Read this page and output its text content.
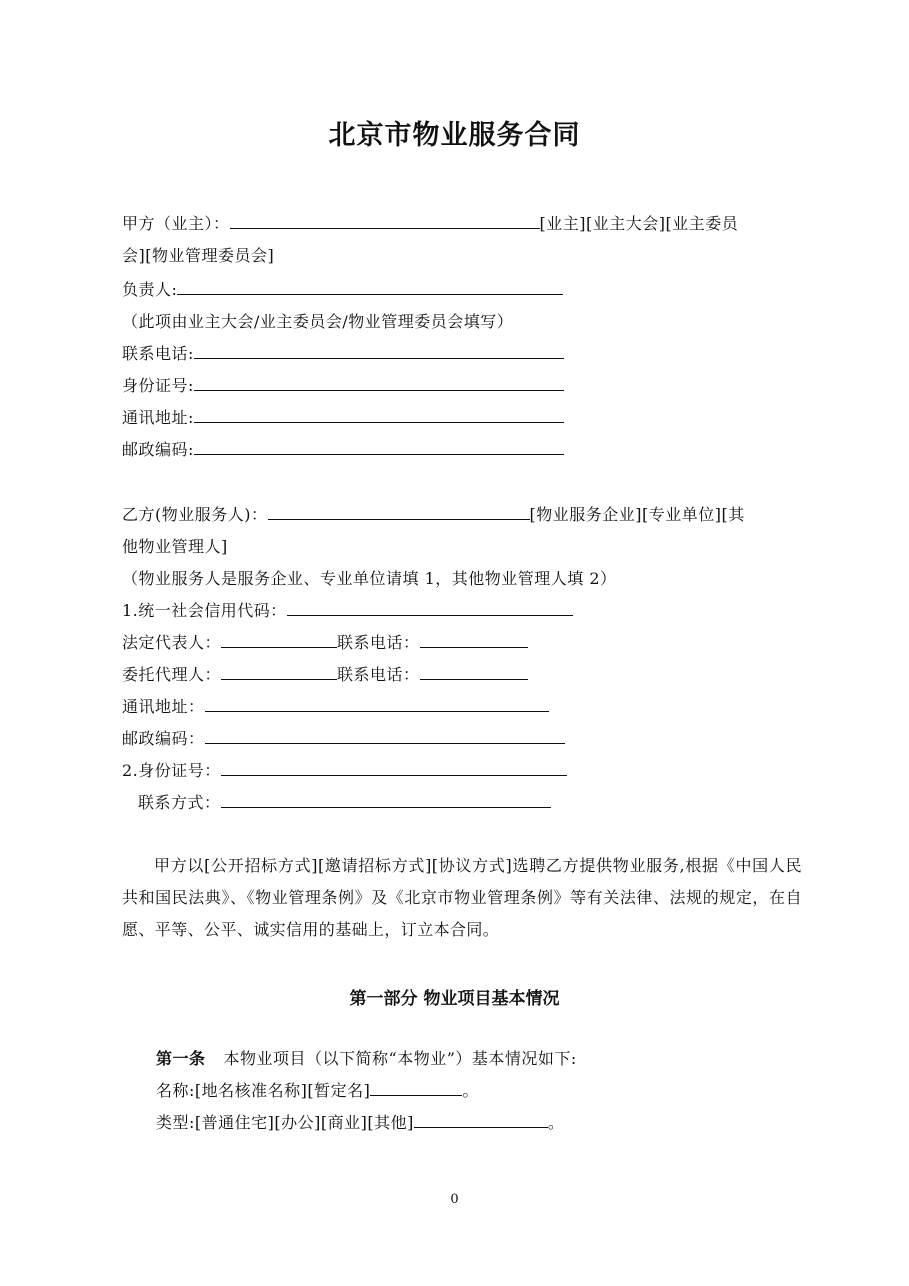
北京市物业服务合同
甲方（业主）：	[业主][业主大会][业主委员
会][物业管理委员会]
负责人:
（此项由业主大会/业主委员会/物业管理委员会填写）
联系电话:
身份证号:
通讯地址:
邮政编码:
乙方(物业服务人)：	[物业服务企业][专业单位][其
他物业管理人]
（物业服务人是服务企业、专业单位请填 1，其他物业管理人填 2）
1.统一社会信用代码：
法定代表人：	联系电话：
委托代理人：	联系电话：
通讯地址：
邮政编码：
2.身份证号：
联系方式：
甲方以[公开招标方式][邀请招标方式][协议方式]选聘乙方提供物业服务,根据《中国人民共和国民法典》、《物业管理条例》及《北京市物业管理条例》等有关法律、法规的规定，在自愿、平等、公平、诚实信用的基础上，订立本合同。
第一部分 物业项目基本情况
第一条 本物业项目（以下简称“本物业”）基本情况如下:
名称:[地名核准名称][暂定名]	。
类型:[普通住宅][办公][商业][其他]	。
0
